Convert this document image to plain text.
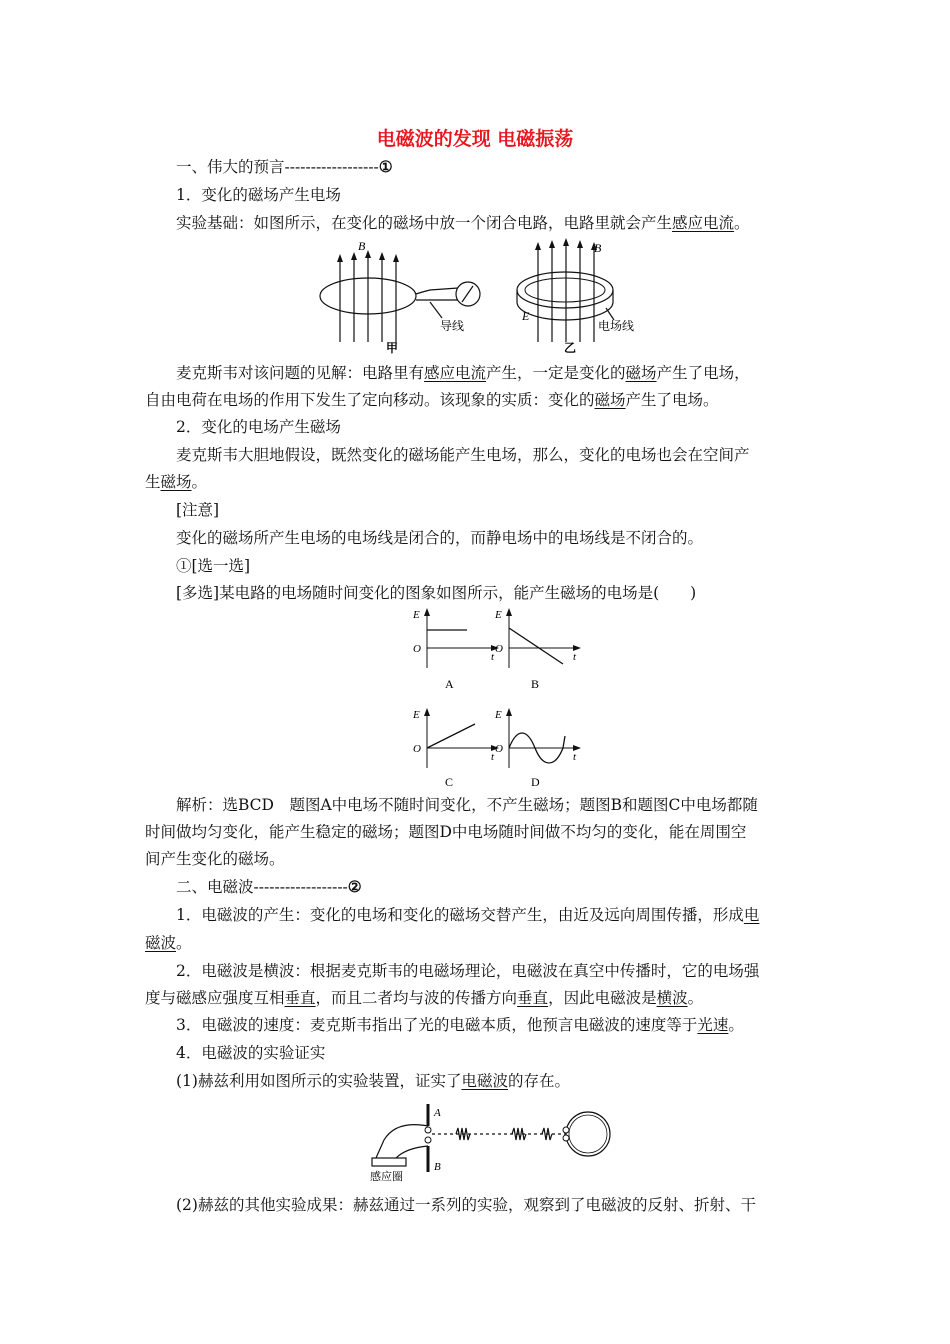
电磁波的发现 电磁振荡
一、伟大的预言------------------①
1．变化的磁场产生电场
实验基础：如图所示，在变化的磁场中放一个闭合电路，电路里就会产生感应电流。
B
导线
甲
B
E
电场线
乙
麦克斯韦对该问题的见解：电路里有感应电流产生，一定是变化的磁场产生了电场，
自由电荷在电场的作用下发生了定向移动。该现象的实质：变化的磁场产生了电场。
2．变化的电场产生磁场
麦克斯韦大胆地假设，既然变化的磁场能产生电场，那么，变化的电场也会在空间产
生磁场。
[注意]
变化的磁场所产生电场的电场线是闭合的，而静电场中的电场线是不闭合的。
①[选一选]
[多选]某电路的电场随时间变化的图象如图所示，能产生磁场的电场是(　　)
E
O
t
E
O
t
E
O
t
E
O
t
A	B
C	D
解析：选BCD　题图A中电场不随时间变化，不产生磁场；题图B和题图C中电场都随
时间做均匀变化，能产生稳定的磁场；题图D中电场随时间做不均匀的变化，能在周围空
间产生变化的磁场。
二、电磁波------------------②
1．电磁波的产生：变化的电场和变化的磁场交替产生，由近及远向周围传播，形成电
磁波。
2．电磁波是横波：根据麦克斯韦的电磁场理论，电磁波在真空中传播时，它的电场强
度与磁感应强度互相垂直，而且二者均与波的传播方向垂直，因此电磁波是横波。
3．电磁波的速度：麦克斯韦指出了光的电磁本质，他预言电磁波的速度等于光速。
4．电磁波的实验证实
(1)赫兹利用如图所示的实验装置，证实了电磁波的存在。
A
B
感应圈
(2)赫兹的其他实验成果：赫兹通过一系列的实验，观察到了电磁波的反射、折射、干
